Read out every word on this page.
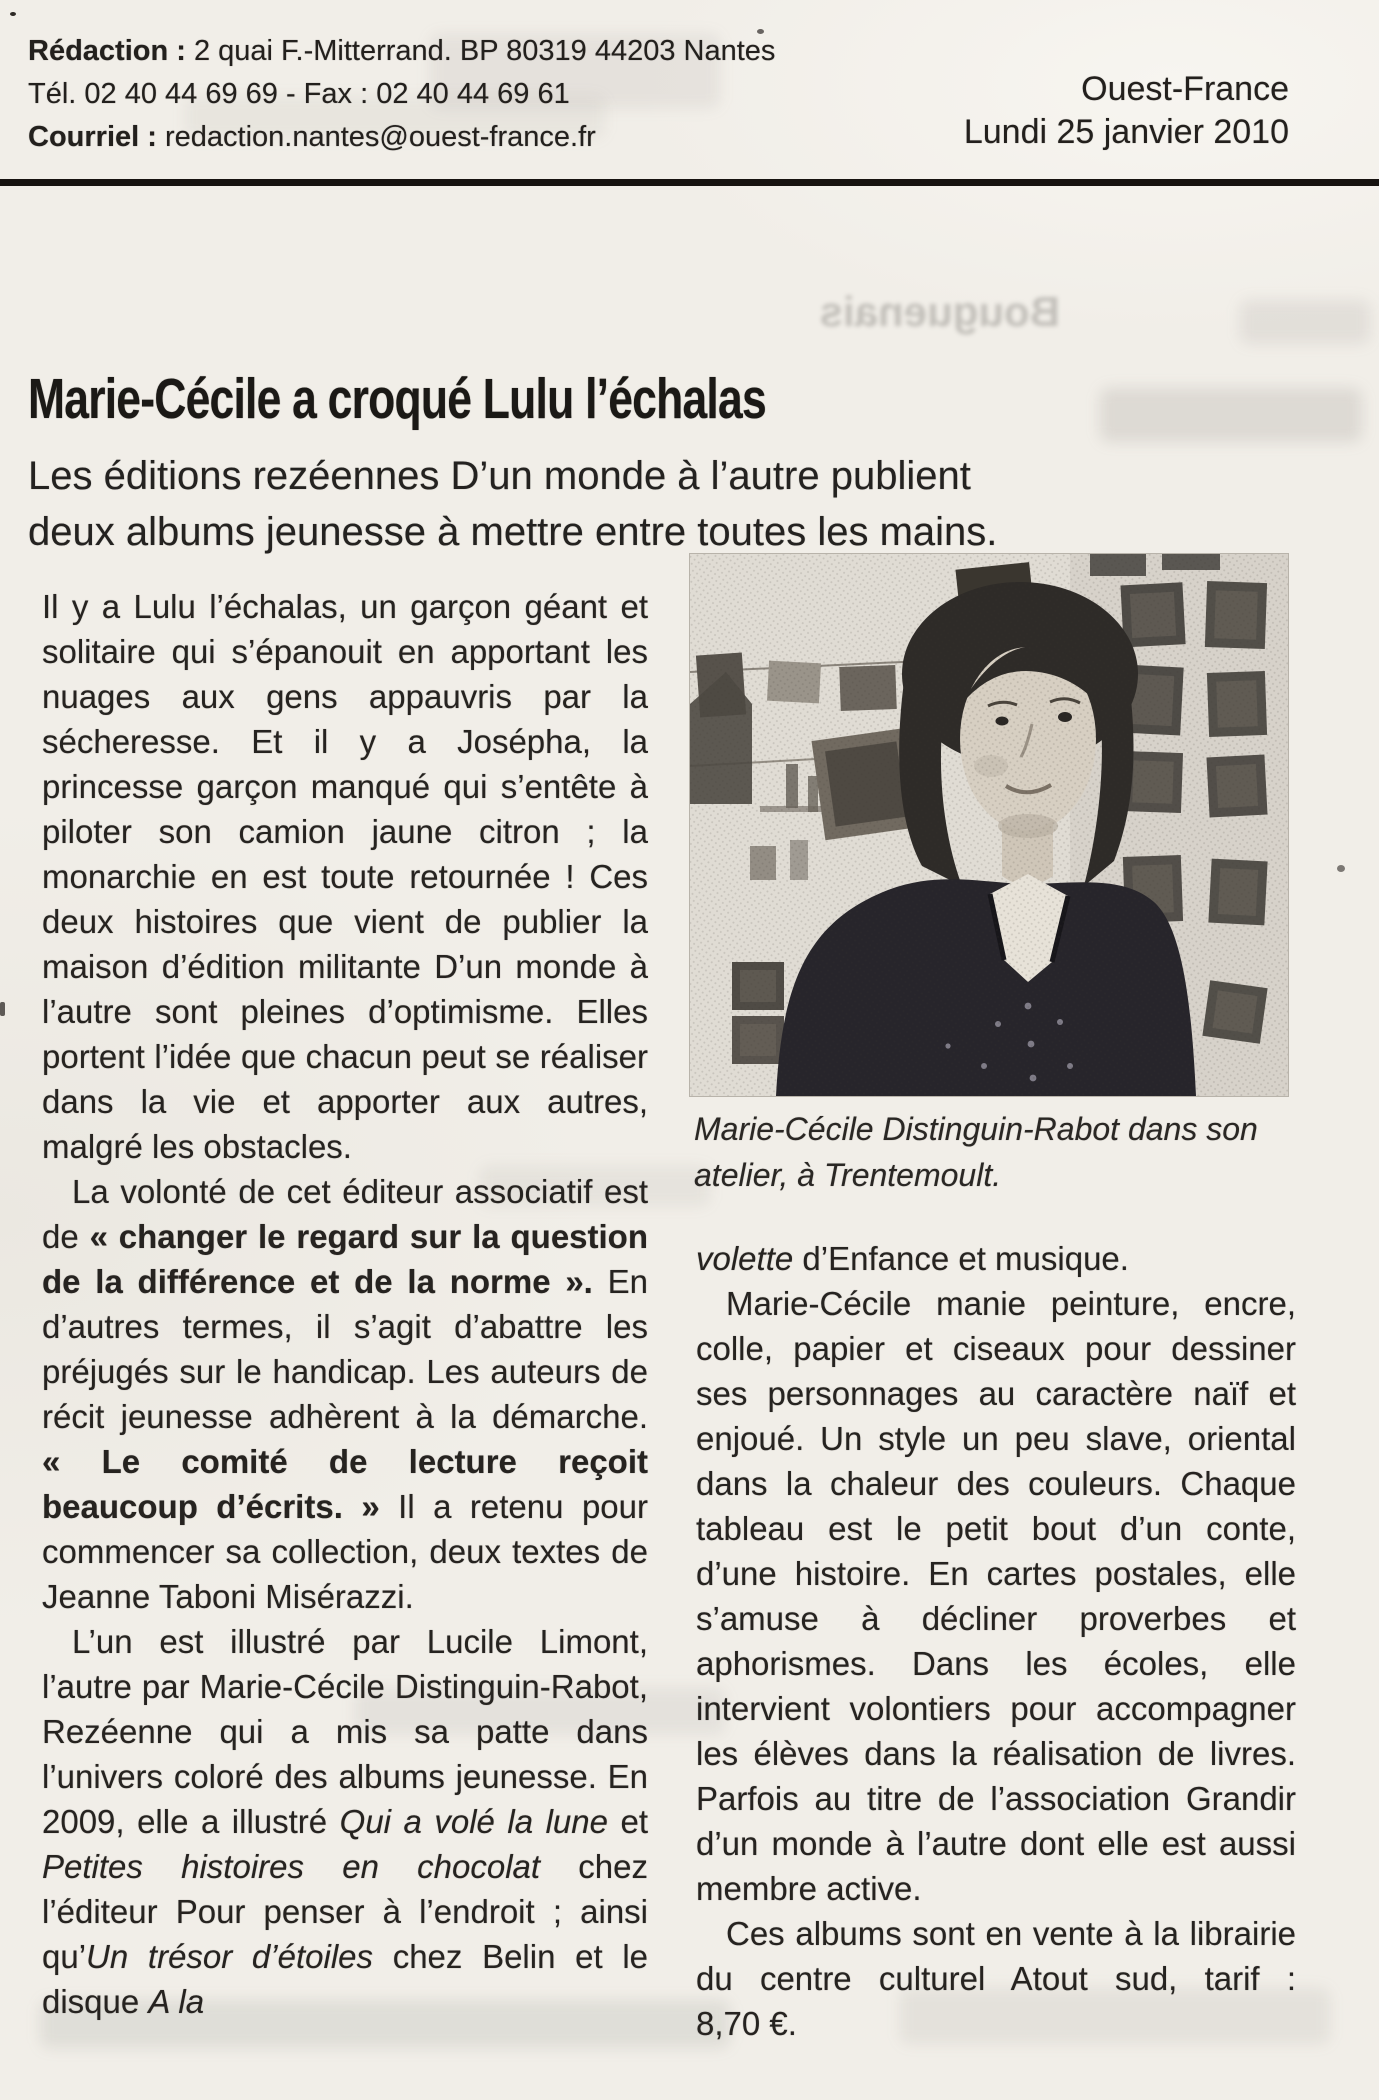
Bouguenais
Rédaction : 2 quai F.-Mitterrand. BP 80319 44203 Nantes
Tél. 02 40 44 69 69 - Fax : 02 40 44 69 61
Courriel : redaction.nantes@ouest-france.fr
Ouest-France
Lundi 25 janvier 2010
Marie-Cécile a croqué Lulu l’échalas
Les éditions rezéennes D’un monde à l’autre publient
deux albums jeunesse à mettre entre toutes les mains.

Il y a Lulu l’échalas, un garçon géant et solitaire qui s’épanouit en apportant les nuages aux gens appauvris par la sécheresse. Et il y a Josépha, la princesse garçon manqué qui s’entête à piloter son camion jaune citron ; la monarchie en est toute retournée ! Ces deux histoires que vient de publier la maison d’édition militante D’un monde à l’autre sont pleines d’optimisme. Elles portent l’idée que chacun peut se réaliser dans la vie et apporter aux autres, malgré les obstacles.

La volonté de cet éditeur associatif est de « changer le regard sur la question de la différence et de la norme ». En d’autres termes, il s’agit d’abattre les préjugés sur le handicap. Les auteurs de récit jeunesse adhèrent à la démarche. « Le comité de lecture reçoit beaucoup d’écrits. » Il a retenu pour commencer sa collection, deux textes de Jeanne Taboni Misérazzi.

L’un est illustré par Lucile Limont, l’autre par Marie-Cécile Distinguin-Rabot, Rezéenne qui a mis sa patte dans l’univers coloré des albums jeunesse. En 2009, elle a illustré Qui a volé la lune et Petites histoires en chocolat chez l’éditeur Pour penser à l’endroit ; ainsi qu’Un trésor d’étoiles chez Belin et le disque A la

Marie-Cécile Distinguin-Rabot dans son atelier, à Trentemoult.

volette d’Enfance et musique.

Marie-Cécile manie peinture, encre, colle, papier et ciseaux pour dessiner ses personnages au caractère naïf et enjoué. Un style un peu slave, oriental dans la chaleur des couleurs. Chaque tableau est le petit bout d’un conte, d’une histoire. En cartes postales, elle s’amuse à décliner proverbes et aphorismes. Dans les écoles, elle intervient volontiers pour accompagner les élèves dans la réalisation de livres. Parfois au titre de l’association Grandir d’un monde à l’autre dont elle est aussi membre active.

Ces albums sont en vente à la librairie du centre culturel Atout sud, tarif : 8,70 €.
